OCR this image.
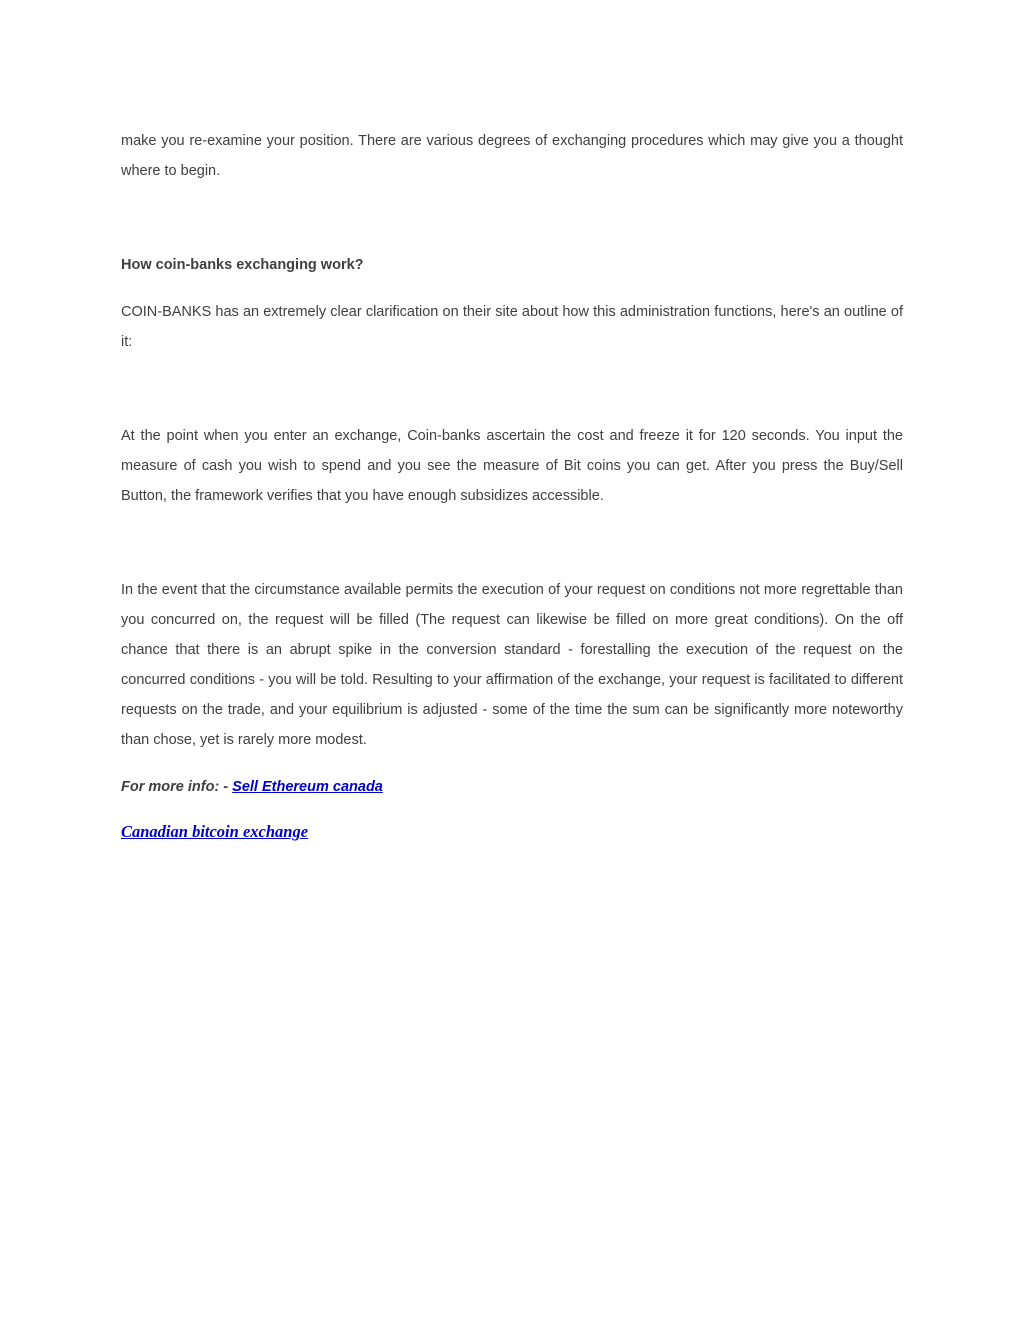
make you re-examine your position. There are various degrees of exchanging procedures which may give you a thought where to begin.

How coin-banks exchanging work?

COIN-BANKS has an extremely clear clarification on their site about how this administration functions, here's an outline of it:

At the point when you enter an exchange, Coin-banks ascertain the cost and freeze it for 120 seconds. You input the measure of cash you wish to spend and you see the measure of Bit coins you can get. After you press the Buy/Sell Button, the framework verifies that you have enough subsidizes accessible.

In the event that the circumstance available permits the execution of your request on conditions not more regrettable than you concurred on, the request will be filled (The request can likewise be filled on more great conditions). On the off chance that there is an abrupt spike in the conversion standard - forestalling the execution of the request on the concurred conditions - you will be told. Resulting to your affirmation of the exchange, your request is facilitated to different requests on the trade, and your equilibrium is adjusted - some of the time the sum can be significantly more noteworthy than chose, yet is rarely more modest.

For more info: - Sell Ethereum canada

Canadian bitcoin exchange
